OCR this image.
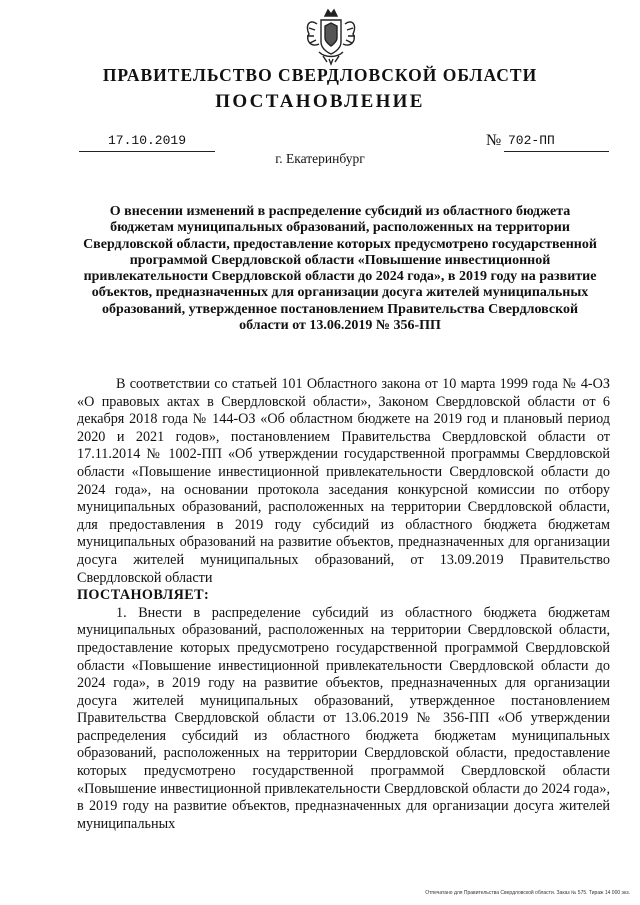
ПРАВИТЕЛЬСТВО СВЕРДЛОВСКОЙ ОБЛАСТИ
ПОСТАНОВЛЕНИЕ
17.10.2019	№ 702-ПП
г. Екатеринбург
О внесении изменений в распределение субсидий из областного бюджета бюджетам муниципальных образований, расположенных на территории Свердловской области, предоставление которых предусмотрено государственной программой Свердловской области «Повышение инвестиционной привлекательности Свердловской области до 2024 года», в 2019 году на развитие объектов, предназначенных для организации досуга жителей муниципальных образований, утвержденное постановлением Правительства Свердловской области от 13.06.2019 № 356-ПП

В соответствии со статьей 101 Областного закона от 10 марта 1999 года № 4-ОЗ «О правовых актах в Свердловской области», Законом Свердловской области от 6 декабря 2018 года № 144-ОЗ «Об областном бюджете на 2019 год и плановый период 2020 и 2021 годов», постановлением Правительства Свердловской области от 17.11.2014 № 1002-ПП «Об утверждении государственной программы Свердловской области «Повышение инвестиционной привлекательности Свердловской области до 2024 года», на основании протокола заседания конкурсной комиссии по отбору муниципальных образований, расположенных на территории Свердловской области, для предоставления в 2019 году субсидий из областного бюджета бюджетам муниципальных образований на развитие объектов, предназначенных для организации досуга жителей муниципальных образований, от 13.09.2019 Правительство Свердловской области

ПОСТАНОВЛЯЕТ:

1. Внести в распределение субсидий из областного бюджета бюджетам муниципальных образований, расположенных на территории Свердловской области, предоставление которых предусмотрено государственной программой Свердловской области «Повышение инвестиционной привлекательности Свердловской области до 2024 года», в 2019 году на развитие объектов, предназначенных для организации досуга жителей муниципальных образований, утвержденное постановлением Правительства Свердловской области от 13.06.2019 № 356-ПП «Об утверждении распределения субсидий из областного бюджета бюджетам муниципальных образований, расположенных на территории Свердловской области, предоставление которых предусмотрено государственной программой Свердловской области «Повышение инвестиционной привлекательности Свердловской области до 2024 года», в 2019 году на развитие объектов, предназначенных для организации досуга жителей муниципальных

Отпечатано для Правительства Свердловской области. Заказ № 575. Тираж 14 000 экз.
